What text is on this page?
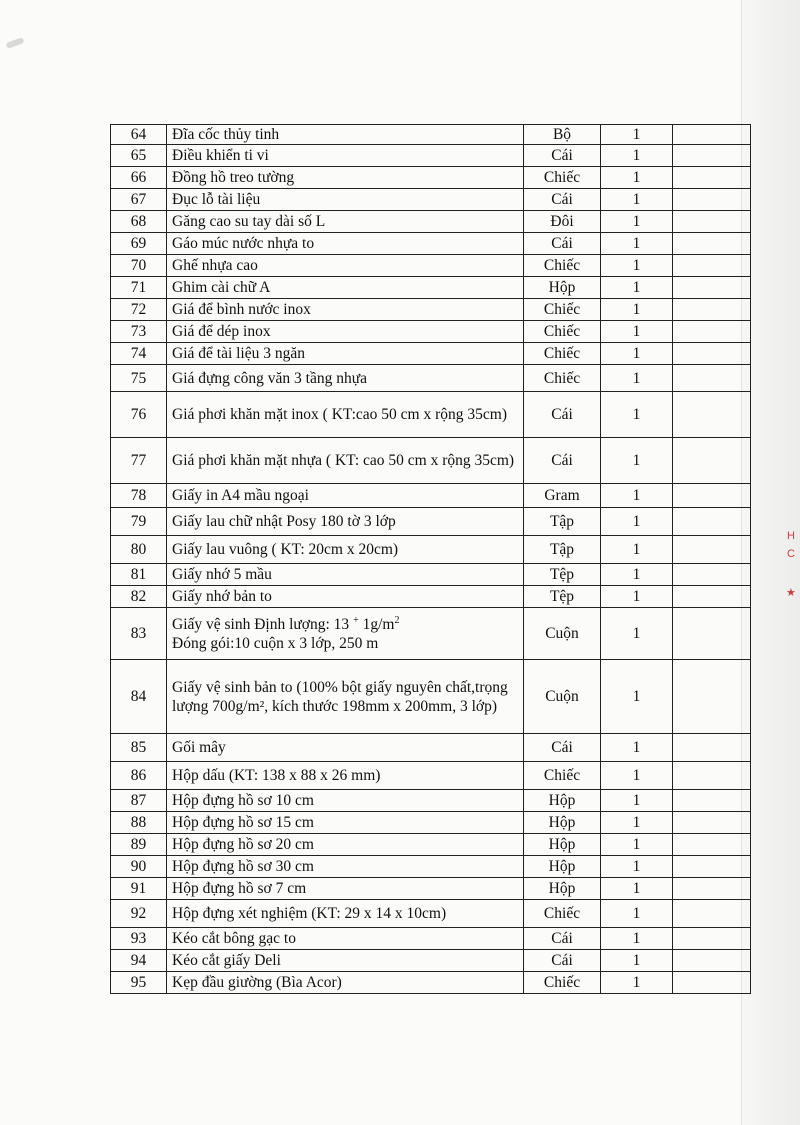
H
C
★
64	Đĩa cốc thủy tinh	Bộ	1	
65	Điều khiển ti vi	Cái	1	
66	Đồng hồ treo tường	Chiếc	1	
67	Đục lỗ tài liệu	Cái	1	
68	Găng cao su tay dài số L	Đôi	1	
69	Gáo múc nước nhựa to	Cái	1	
70	Ghế nhựa cao	Chiếc	1	
71	Ghim cài chữ A	Hộp	1	
72	Giá để bình nước inox	Chiếc	1	
73	Giá để dép inox	Chiếc	1	
74	Giá để tài liệu 3 ngăn	Chiếc	1	
75	Giá đựng công văn 3 tầng nhựa	Chiếc	1	
76	Giá phơi khăn mặt inox ( KT:cao 50 cm x rộng 35cm)	Cái	1	
77	Giá phơi khăn mặt nhựa ( KT: cao 50 cm x rộng 35cm)	Cái	1	
78	Giấy in A4 mầu ngoại	Gram	1	
79	Giấy lau chữ nhật Posy 180 tờ 3 lớp	Tập	1	
80	Giấy lau vuông ( KT: 20cm x 20cm)	Tập	1	
81	Giấy nhớ 5 mầu	Tệp	1	
82	Giấy nhớ bản to	Tệp	1	
83	Giấy vệ sinh Định lượng: 13 + $1g/m^2$
Đóng gói:10 cuộn x 3 lớp, 250 m	Cuộn	1	
84	Giấy vệ sinh bản to (100% bột giấy nguyên chất,trọng lượng 700g/m², kích thước 198mm x 200mm, 3 lớp)	Cuộn	1	
85	Gối mây	Cái	1	
86	Hộp dấu (KT: 138 x 88 x 26 mm)	Chiếc	1	
87	Hộp đựng hồ sơ 10 cm	Hộp	1	
88	Hộp đựng hồ sơ 15 cm	Hộp	1	
89	Hộp đựng hồ sơ 20 cm	Hộp	1	
90	Hộp đựng hồ sơ 30 cm	Hộp	1	
91	Hộp đựng hồ sơ 7 cm	Hộp	1	
92	Hộp đựng xét nghiệm (KT: 29 x 14 x 10cm)	Chiếc	1	
93	Kéo cắt bông gạc to	Cái	1	
94	Kéo cắt giấy Deli	Cái	1	
95	Kẹp đầu giường (Bìa Acor)	Chiếc	1	
